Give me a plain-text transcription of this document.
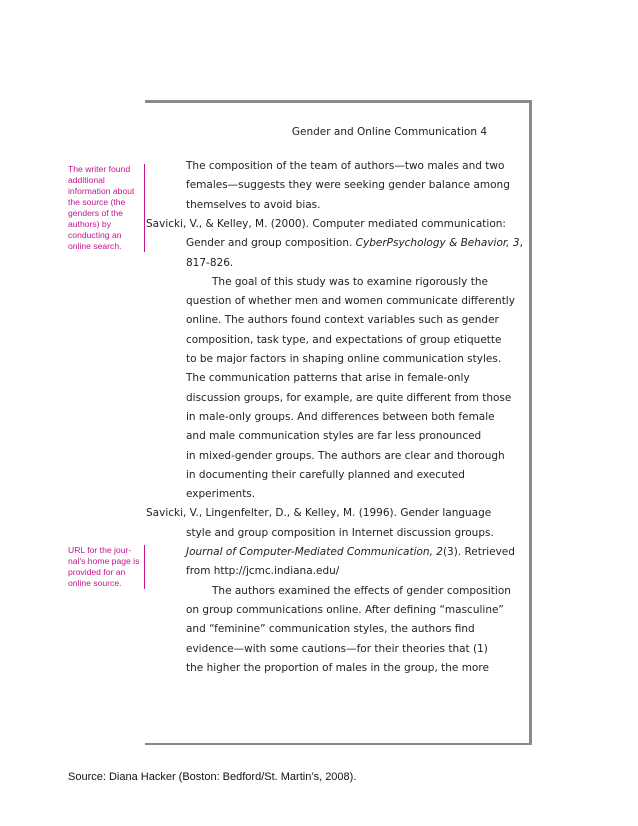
Gender and Online Communication 4
The writer found additional information about the source (the genders of the authors) by conducting an online search.
URL for the jour-nal's home page is provided for an online source.
The composition of the team of authors—two males and two
females—suggests they were seeking gender balance among
themselves to avoid bias.
Savicki, V., & Kelley, M. (2000). Computer mediated communication:
Gender and group composition. CyberPsychology & Behavior, 3,
817-826.
The goal of this study was to examine rigorously the
question of whether men and women communicate differently
online. The authors found context variables such as gender
composition, task type, and expectations of group etiquette
to be major factors in shaping online communication styles.
The communication patterns that arise in female-only
discussion groups, for example, are quite different from those
in male-only groups. And differences between both female
and male communication styles are far less pronounced
in mixed-gender groups. The authors are clear and thorough
in documenting their carefully planned and executed
experiments.
Savicki, V., Lingenfelter, D., & Kelley, M. (1996). Gender language
style and group composition in Internet discussion groups.
Journal of Computer-Mediated Communication, 2(3). Retrieved
from http://jcmc.indiana.edu/
The authors examined the effects of gender composition
on group communications online. After defining “masculine”
and “feminine” communication styles, the authors find
evidence—with some cautions—for their theories that (1)
the higher the proportion of males in the group, the more
Source: Diana Hacker (Boston: Bedford/St. Martin’s, 2008).
